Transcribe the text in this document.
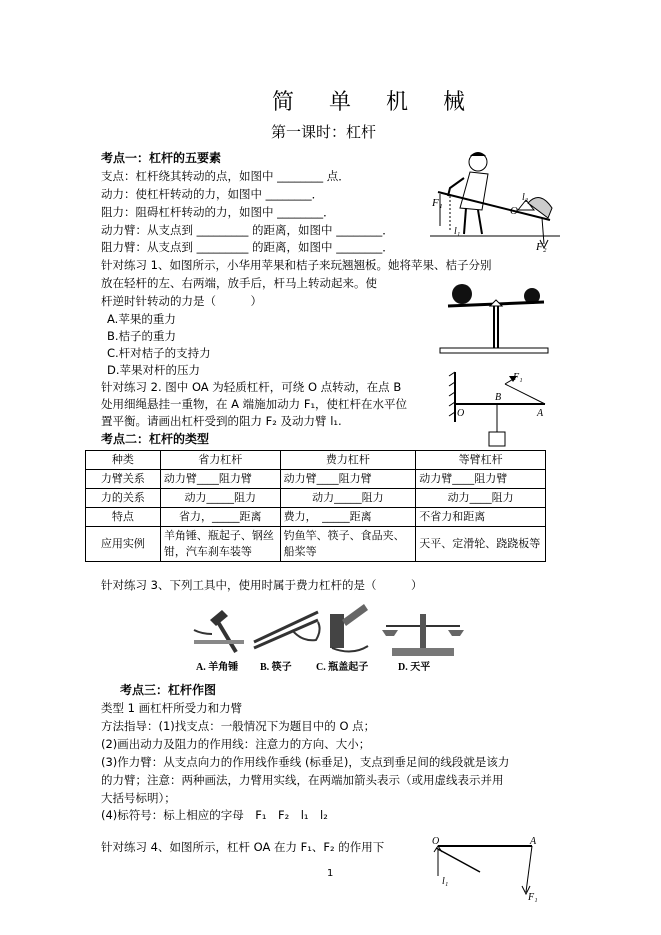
简 单 机 械
第一课时：杠杆
考点一：杠杆的五要素
支点：杠杆绕其转动的点，如图中 ________ 点．
动力：使杠杆转动的力，如图中 ________．
阻力：阻碍杠杆转动的力，如图中 ________．
动力臂：从支点到 _________ 的距离，如图中 ________．
阻力臂：从支点到 _________ 的距离，如图中 ________．
F₁
O
l₂
l₁
F₂
针对练习 1、如图所示，小华用苹果和桔子来玩翘翘板。她将苹果、桔子分别
放在轻杆的左、右两端，放手后，杆马上转动起来。使
杆逆时针转动的力是（　　　）
A.苹果的重力
B.桔子的重力
C.杆对桔子的支持力
D.苹果对杆的压力
针对练习 2. 图中 OA 为轻质杠杆，可绕 O 点转动，在点 B
处用细绳悬挂一重物，在 A 端施加动力 F₁，使杠杆在水平位
置平衡。请画出杠杆受到的阻力 F₂ 及动力臂 l₁.
F₁
O
B
A
考点二：杠杆的类型
种类	省力杠杆	费力杠杆	等臂杠杆
力臂关系	动力臂____阻力臂	动力臂____阻力臂	动力臂____阻力臂
力的关系	动力_____阻力	动力_____阻力	动力____阻力
特点	省力，_____距离	费力，　_____距离	不省力和距离
应用实例	羊角锤、瓶起子、钢丝钳，汽车刹车装等	钓鱼竿、筷子、食品夹、船桨等	天平、定滑轮、跷跷板等
针对练习 3、下列工具中，使用时属于费力杠杆的是（　　　）
A. 羊角锤 B. 筷子 C. 瓶盖起子	D. 天平
考点三：杠杆作图
类型 1 画杠杆所受力和力臂
方法指导：(1)找支点：一般情况下为题目中的 O 点；
(2)画出动力及阻力的作用线：注意力的方向、大小；
(3)作力臂：从支点向力的作用线作垂线 (标垂足)，支点到垂足间的线段就是该力
的力臂；注意：两种画法，力臂用实线，在两端加箭头表示（或用虚线表示并用
大括号标明）；
(4)标符号：标上相应的字母　F₁　F₂　l₁　l₂
针对练习 4、如图所示，杠杆 OA 在力 F₁、F₂ 的作用下	O	A
l₁
F₁
1
